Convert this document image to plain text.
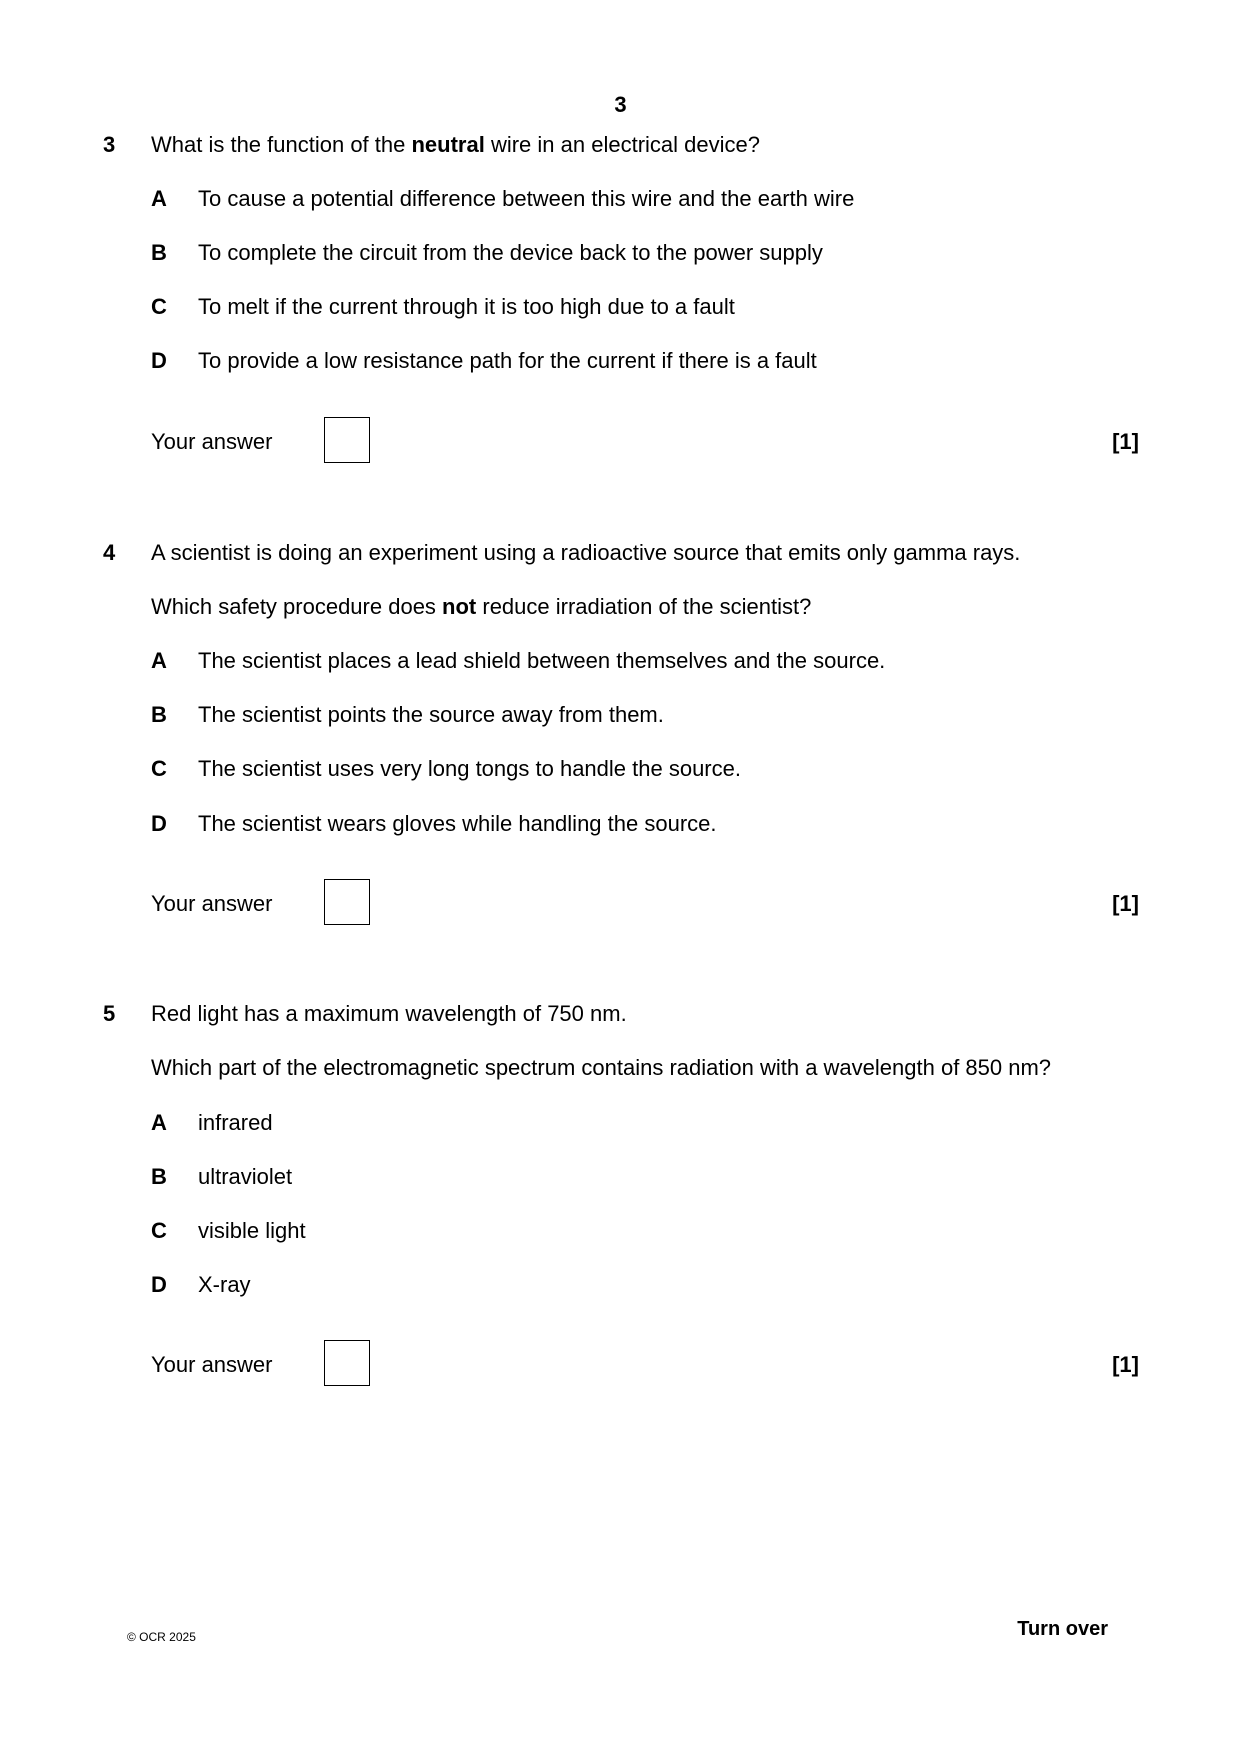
3
3 What is the function of the neutral wire in an electrical device?
A To cause a potential difference between this wire and the earth wire
B To complete the circuit from the device back to the power supply
C To melt if the current through it is too high due to a fault
D To provide a low resistance path for the current if there is a fault
Your answer	[1]
4 A scientist is doing an experiment using a radioactive source that emits only gamma rays.
Which safety procedure does not reduce irradiation of the scientist?
A The scientist places a lead shield between themselves and the source.
B The scientist points the source away from them.
C The scientist uses very long tongs to handle the source.
D The scientist wears gloves while handling the source.
Your answer	[1]
5 Red light has a maximum wavelength of 750 nm.
Which part of the electromagnetic spectrum contains radiation with a wavelength of 850 nm?
A infrared
B ultraviolet
C visible light
D X-ray
Your answer	[1]
© OCR 2025	Turn over
